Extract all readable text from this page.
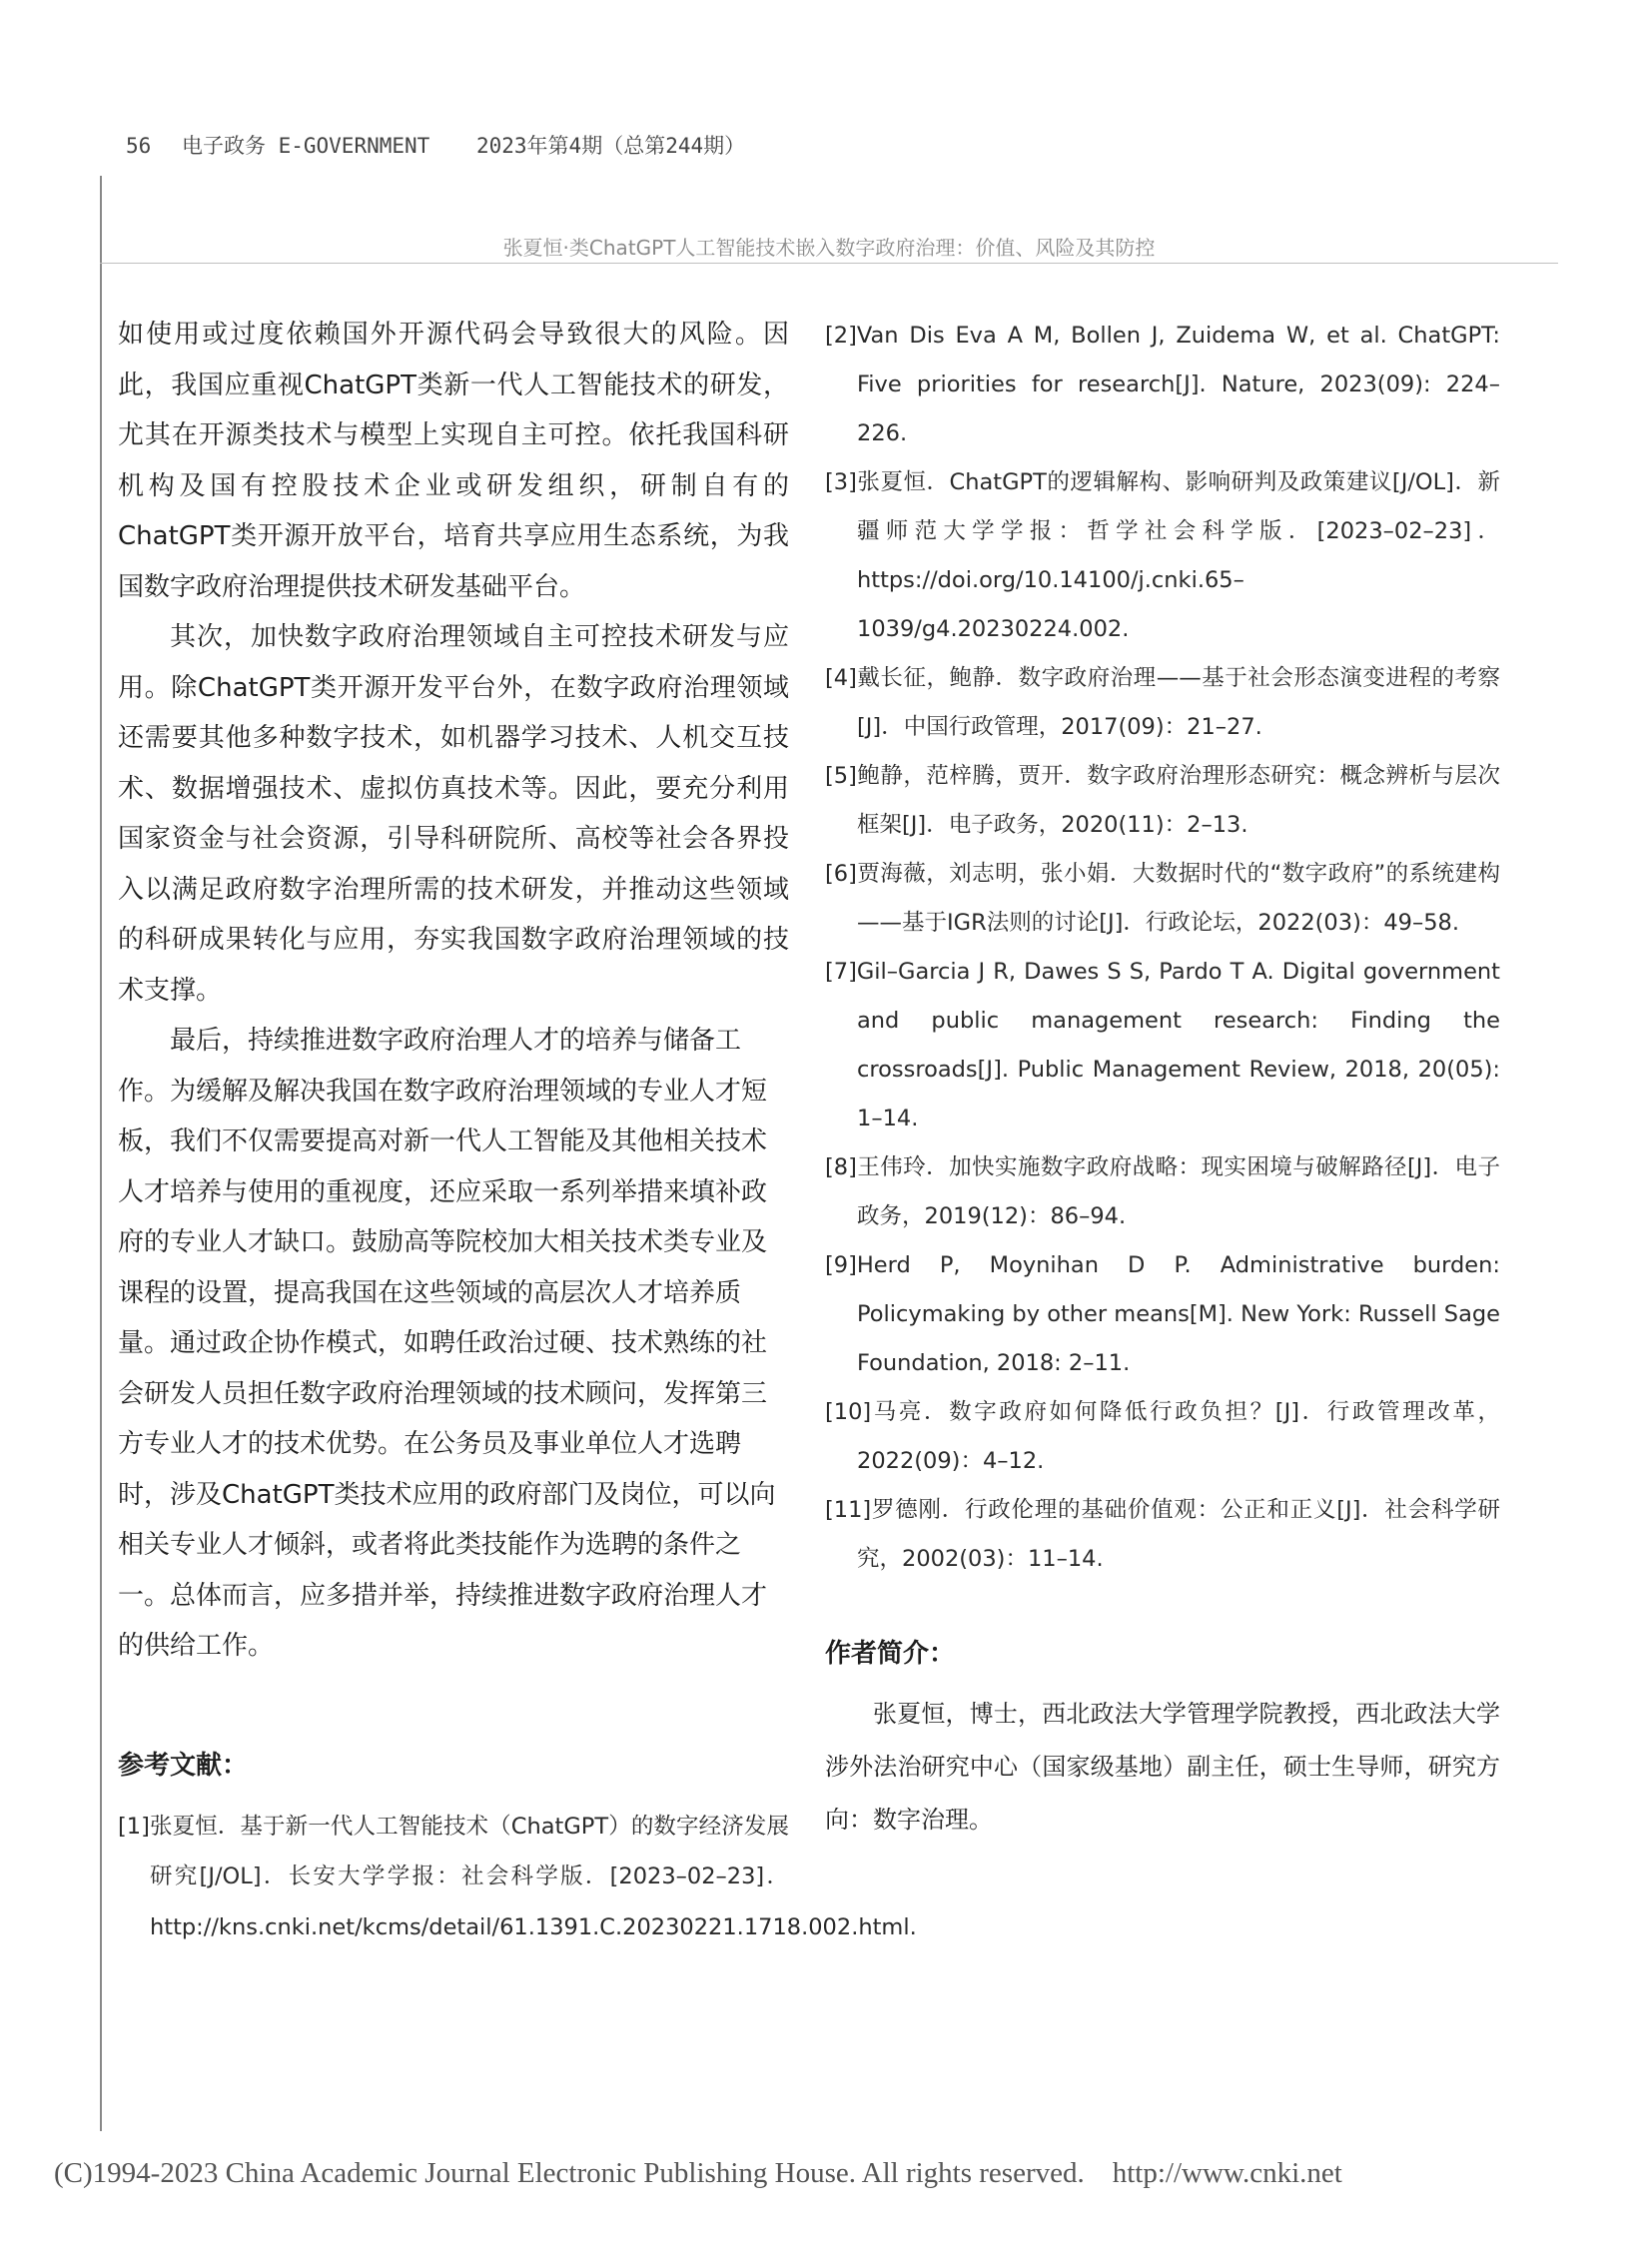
56 电子政务 E-GOVERNMENT 2023年第4期（总第244期）
张夏恒·类ChatGPT人工智能技术嵌入数字政府治理：价值、风险及其防控

如使用或过度依赖国外开源代码会导致很大的风险。因此，我国应重视ChatGPT类新一代人工智能技术的研发，尤其在开源类技术与模型上实现自主可控。依托我国科研机构及国有控股技术企业或研发组织，研制自有的ChatGPT类开源开放平台，培育共享应用生态系统，为我国数字政府治理提供技术研发基础平台。

其次，加快数字政府治理领域自主可控技术研发与应用。除ChatGPT类开源开发平台外，在数字政府治理领域还需要其他多种数字技术，如机器学习技术、人机交互技术、数据增强技术、虚拟仿真技术等。因此，要充分利用国家资金与社会资源，引导科研院所、高校等社会各界投入以满足政府数字治理所需的技术研发，并推动这些领域的科研成果转化与应用，夯实我国数字政府治理领域的技术支撑。

最后，持续推进数字政府治理人才的培养与储备工作。为缓解及解决我国在数字政府治理领域的专业人才短板，我们不仅需要提高对新一代人工智能及其他相关技术人才培养与使用的重视度，还应采取一系列举措来填补政府的专业人才缺口。鼓励高等院校加大相关技术类专业及课程的设置，提高我国在这些领域的高层次人才培养质量。通过政企协作模式，如聘任政治过硬、技术熟练的社会研发人员担任数字政府治理领域的技术顾问，发挥第三方专业人才的技术优势。在公务员及事业单位人才选聘时，涉及ChatGPT类技术应用的政府部门及岗位，可以向相关专业人才倾斜，或者将此类技能作为选聘的条件之一。总体而言，应多措并举，持续推进数字政府治理人才的供给工作。

参考文献：
[1]张夏恒．基于新一代人工智能技术（ChatGPT）的数字经济发展研究[J/OL]．长安大学学报：社会科学版．[2023–02–23]．http://kns.cnki.net/kcms/detail/61.1391.C.20230221.1718.002.html.
[2]Van Dis Eva A M, Bollen J, Zuidema W, et al. ChatGPT: Five priorities for research[J]. Nature, 2023(09): 224–226.
[3]张夏恒．ChatGPT的逻辑解构、影响研判及政策建议[J/OL]．新疆师范大学学报：哲学社会科学版．[2023–02–23]．https://doi.org/10.14100/j.cnki.65–1039/g4.20230224.002.
[4]戴长征，鲍静．数字政府治理——基于社会形态演变进程的考察[J]．中国行政管理，2017(09)：21–27.
[5]鲍静，范梓腾，贾开．数字政府治理形态研究：概念辨析与层次框架[J]．电子政务，2020(11)：2–13.
[6]贾海薇，刘志明，张小娟．大数据时代的“数字政府”的系统建构——基于IGR法则的讨论[J]．行政论坛，2022(03)：49–58.
[7]Gil–Garcia J R, Dawes S S, Pardo T A. Digital government and public management research: Finding the crossroads[J]. Public Management Review, 2018, 20(05): 1–14.
[8]王伟玲．加快实施数字政府战略：现实困境与破解路径[J]．电子政务，2019(12)：86–94.
[9]Herd P, Moynihan D P. Administrative burden: Policymaking by other means[M]. New York: Russell Sage Foundation, 2018: 2–11.
[10]马亮．数字政府如何降低行政负担？[J]．行政管理改革，2022(09)：4–12.
[11]罗德刚．行政伦理的基础价值观：公正和正义[J]．社会科学研究，2002(03)：11–14.
作者简介：

张夏恒，博士，西北政法大学管理学院教授，西北政法大学涉外法治研究中心（国家级基地）副主任，硕士生导师，研究方向：数字治理。

(C)1994-2023 China Academic Journal Electronic Publishing House. All rights reserved. http://www.cnki.net
